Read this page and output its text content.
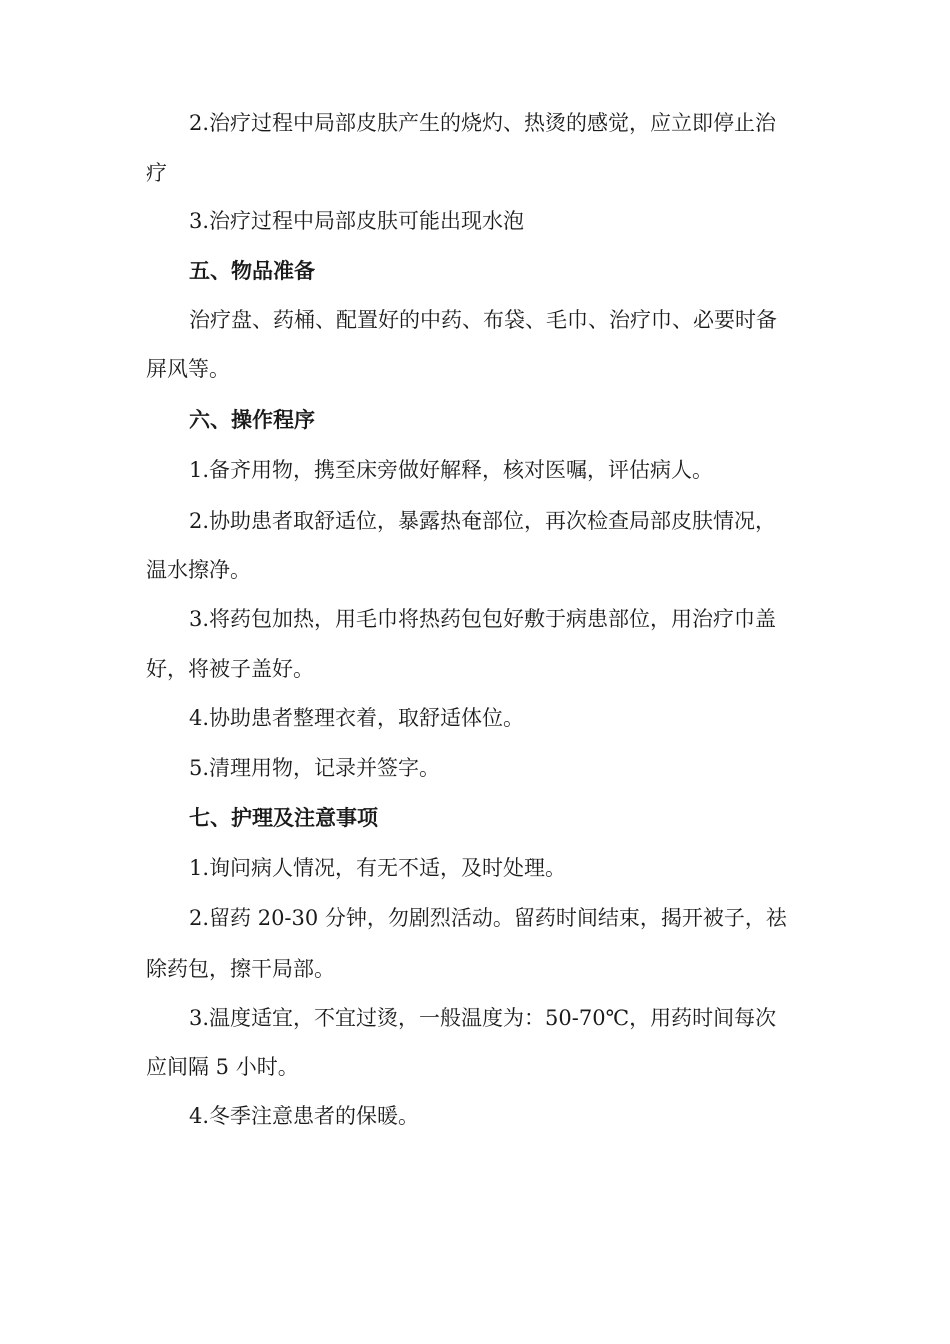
2.治疗过程中局部皮肤产生的烧灼、热烫的感觉，应立即停止治
疗
3.治疗过程中局部皮肤可能出现水泡
五、物品准备
治疗盘、药桶、配置好的中药、布袋、毛巾、治疗巾、必要时备
屏风等。
六、操作程序
1.备齐用物，携至床旁做好解释，核对医嘱，评估病人。
2.协助患者取舒适位，暴露热奄部位，再次检查局部皮肤情况，
温水擦净。
3.将药包加热，用毛巾将热药包包好敷于病患部位，用治疗巾盖
好，将被子盖好。
4.协助患者整理衣着，取舒适体位。
5.清理用物，记录并签字。
七、护理及注意事项
1.询问病人情况，有无不适，及时处理。
2.留药 20-30 分钟，勿剧烈活动。留药时间结束，揭开被子，祛
除药包，擦干局部。
3.温度适宜，不宜过烫，一般温度为：50-70℃，用药时间每次
应间隔 5 小时。
4.冬季注意患者的保暖。
